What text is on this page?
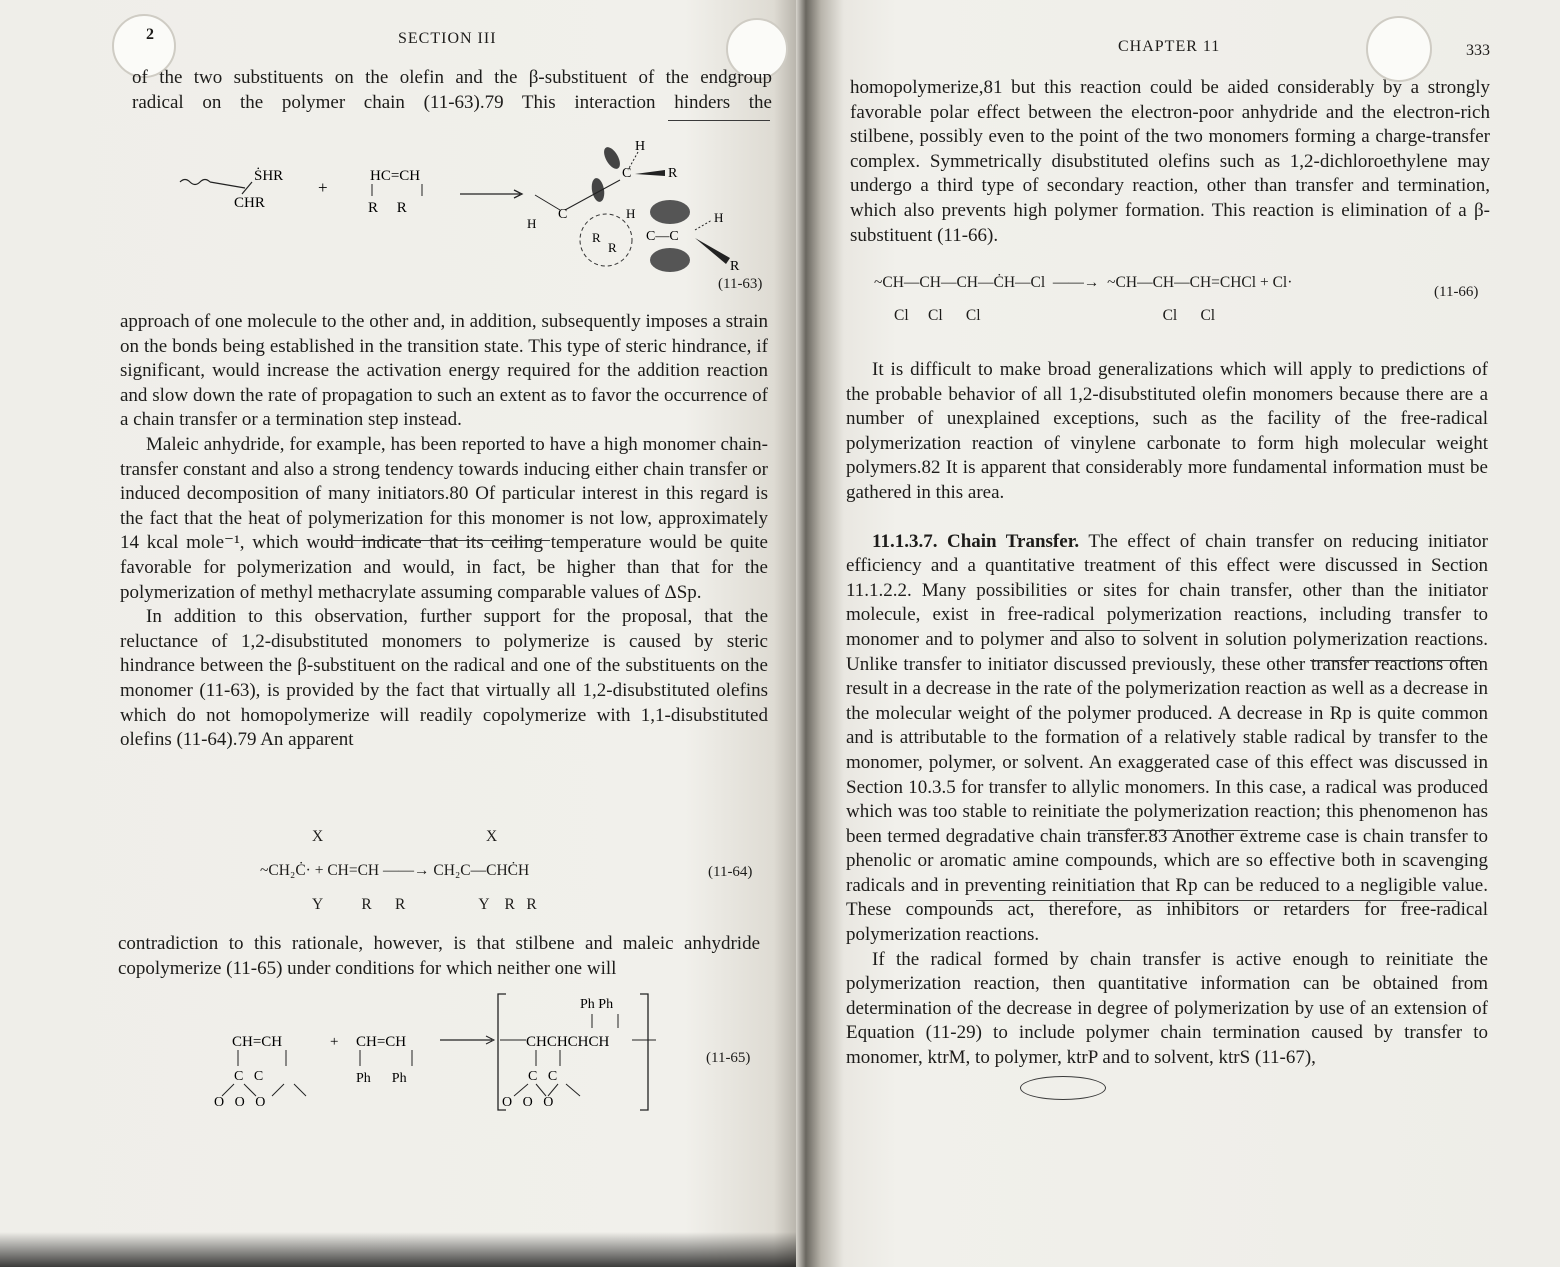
2	SECTION III

of the two substituents on the olefin and the β-substituent of the endgroup

radical on the polymer chain (11-63).79 This interaction hinders the

ṠHR
CHR
+
HC=CH
R     R
H
C	R
C
H
R
R
H
C—C
H
R
(11-63)

approach of one molecule to the other and, in addition, subsequently imposes a strain on the bonds being established in the transition state. This type of steric hindrance, if significant, would increase the activation energy required for the addition reaction and slow down the rate of propagation to such an extent as to favor the occurrence of a chain transfer or a termination step instead.

Maleic anhydride, for example, has been reported to have a high monomer chain-transfer constant and also a strong tendency towards inducing either chain transfer or induced decomposition of many initiators.80 Of particular interest in this regard is the fact that the heat of polymerization for this monomer is not low, approximately 14 kcal mole⁻¹, which would indicate that its ceiling temperature would be quite favorable for polymerization and would, in fact, be higher than that for the polymerization of methyl methacrylate assuming comparable values of ΔSp.

In addition to this observation, further support for the proposal, that the reluctance of 1,2-disubstituted monomers to polymerize is caused by steric hindrance between the β-substituent on the radical and one of the substituents on the monomer (11-63), is provided by the fact that virtually all 1,2-disubstituted olefins which do not homopolymerize will readily copolymerize with 1,1-disubstituted olefins (11-64).79 An apparent

X                                          X
~CH₂Ċ· + CH=CH ——→ CH₂C—CHĊH
Y          R      R                   Y    R   R
(11-64)
contradiction to this rationale, however, is that stilbene and maleic anhydride copolymerize (11-65) under conditions for which neither one will
CH=CH	+ CH=CH
Ph      Ph
C   C
O   O   O
Ph Ph
CHCHCHCH
C   C
O   O   O
(11-65)
CHAPTER 11	333
homopolymerize,81 but this reaction could be aided considerably by a strongly favorable polar effect between the electron-poor anhydride and the electron-rich stilbene, possibly even to the point of the two monomers forming a charge-transfer complex. Symmetrically disubstituted olefins such as 1,2-dichloroethylene may undergo a third type of secondary reaction, other than transfer and termination, which also prevents high polymer formation. This reaction is elimination of a β-substituent (11-66).
~CH—CH—CH—ĊH—Cl ——→ ~CH—CH—CH=CHCl + Cl·
Cl     Cl      Cl	Cl      Cl
(11-66)

It is difficult to make broad generalizations which will apply to predictions of the probable behavior of all 1,2-disubstituted olefin monomers because there are a number of unexplained exceptions, such as the facility of the free-radical polymerization reaction of vinylene carbonate to form high molecular weight polymers.82 It is apparent that considerably more fundamental information must be gathered in this area.

11.1.3.7. Chain Transfer. The effect of chain transfer on reducing initiator efficiency and a quantitative treatment of this effect were discussed in Section 11.1.2.2. Many possibilities or sites for chain transfer, other than the initiator molecule, exist in free-radical polymerization reactions, including transfer to monomer and to polymer and also to solvent in solution polymerization reactions. Unlike transfer to initiator discussed previously, these other transfer reactions often result in a decrease in the rate of the polymerization reaction as well as a decrease in the molecular weight of the polymer produced. A decrease in Rp is quite common and is attributable to the formation of a relatively stable radical by transfer to the monomer, polymer, or solvent. An exaggerated case of this effect was discussed in Section 10.3.5 for transfer to allylic monomers. In this case, a radical was produced which was too stable to reinitiate the polymerization reaction; this phenomenon has been termed degradative chain transfer.83 Another extreme case is chain transfer to phenolic or aromatic amine compounds, which are so effective both in scavenging radicals and in preventing reinitiation that Rp can be reduced to a negligible value. These compounds act, therefore, as inhibitors or retarders for free-radical polymerization reactions.

If the radical formed by chain transfer is active enough to reinitiate the polymerization reaction, then quantitative information can be obtained from determination of the decrease in degree of polymerization by use of an extension of Equation (11-29) to include polymer chain termination caused by transfer to monomer, ktrM, to polymer, ktrP and to solvent, ktrS (11-67),
